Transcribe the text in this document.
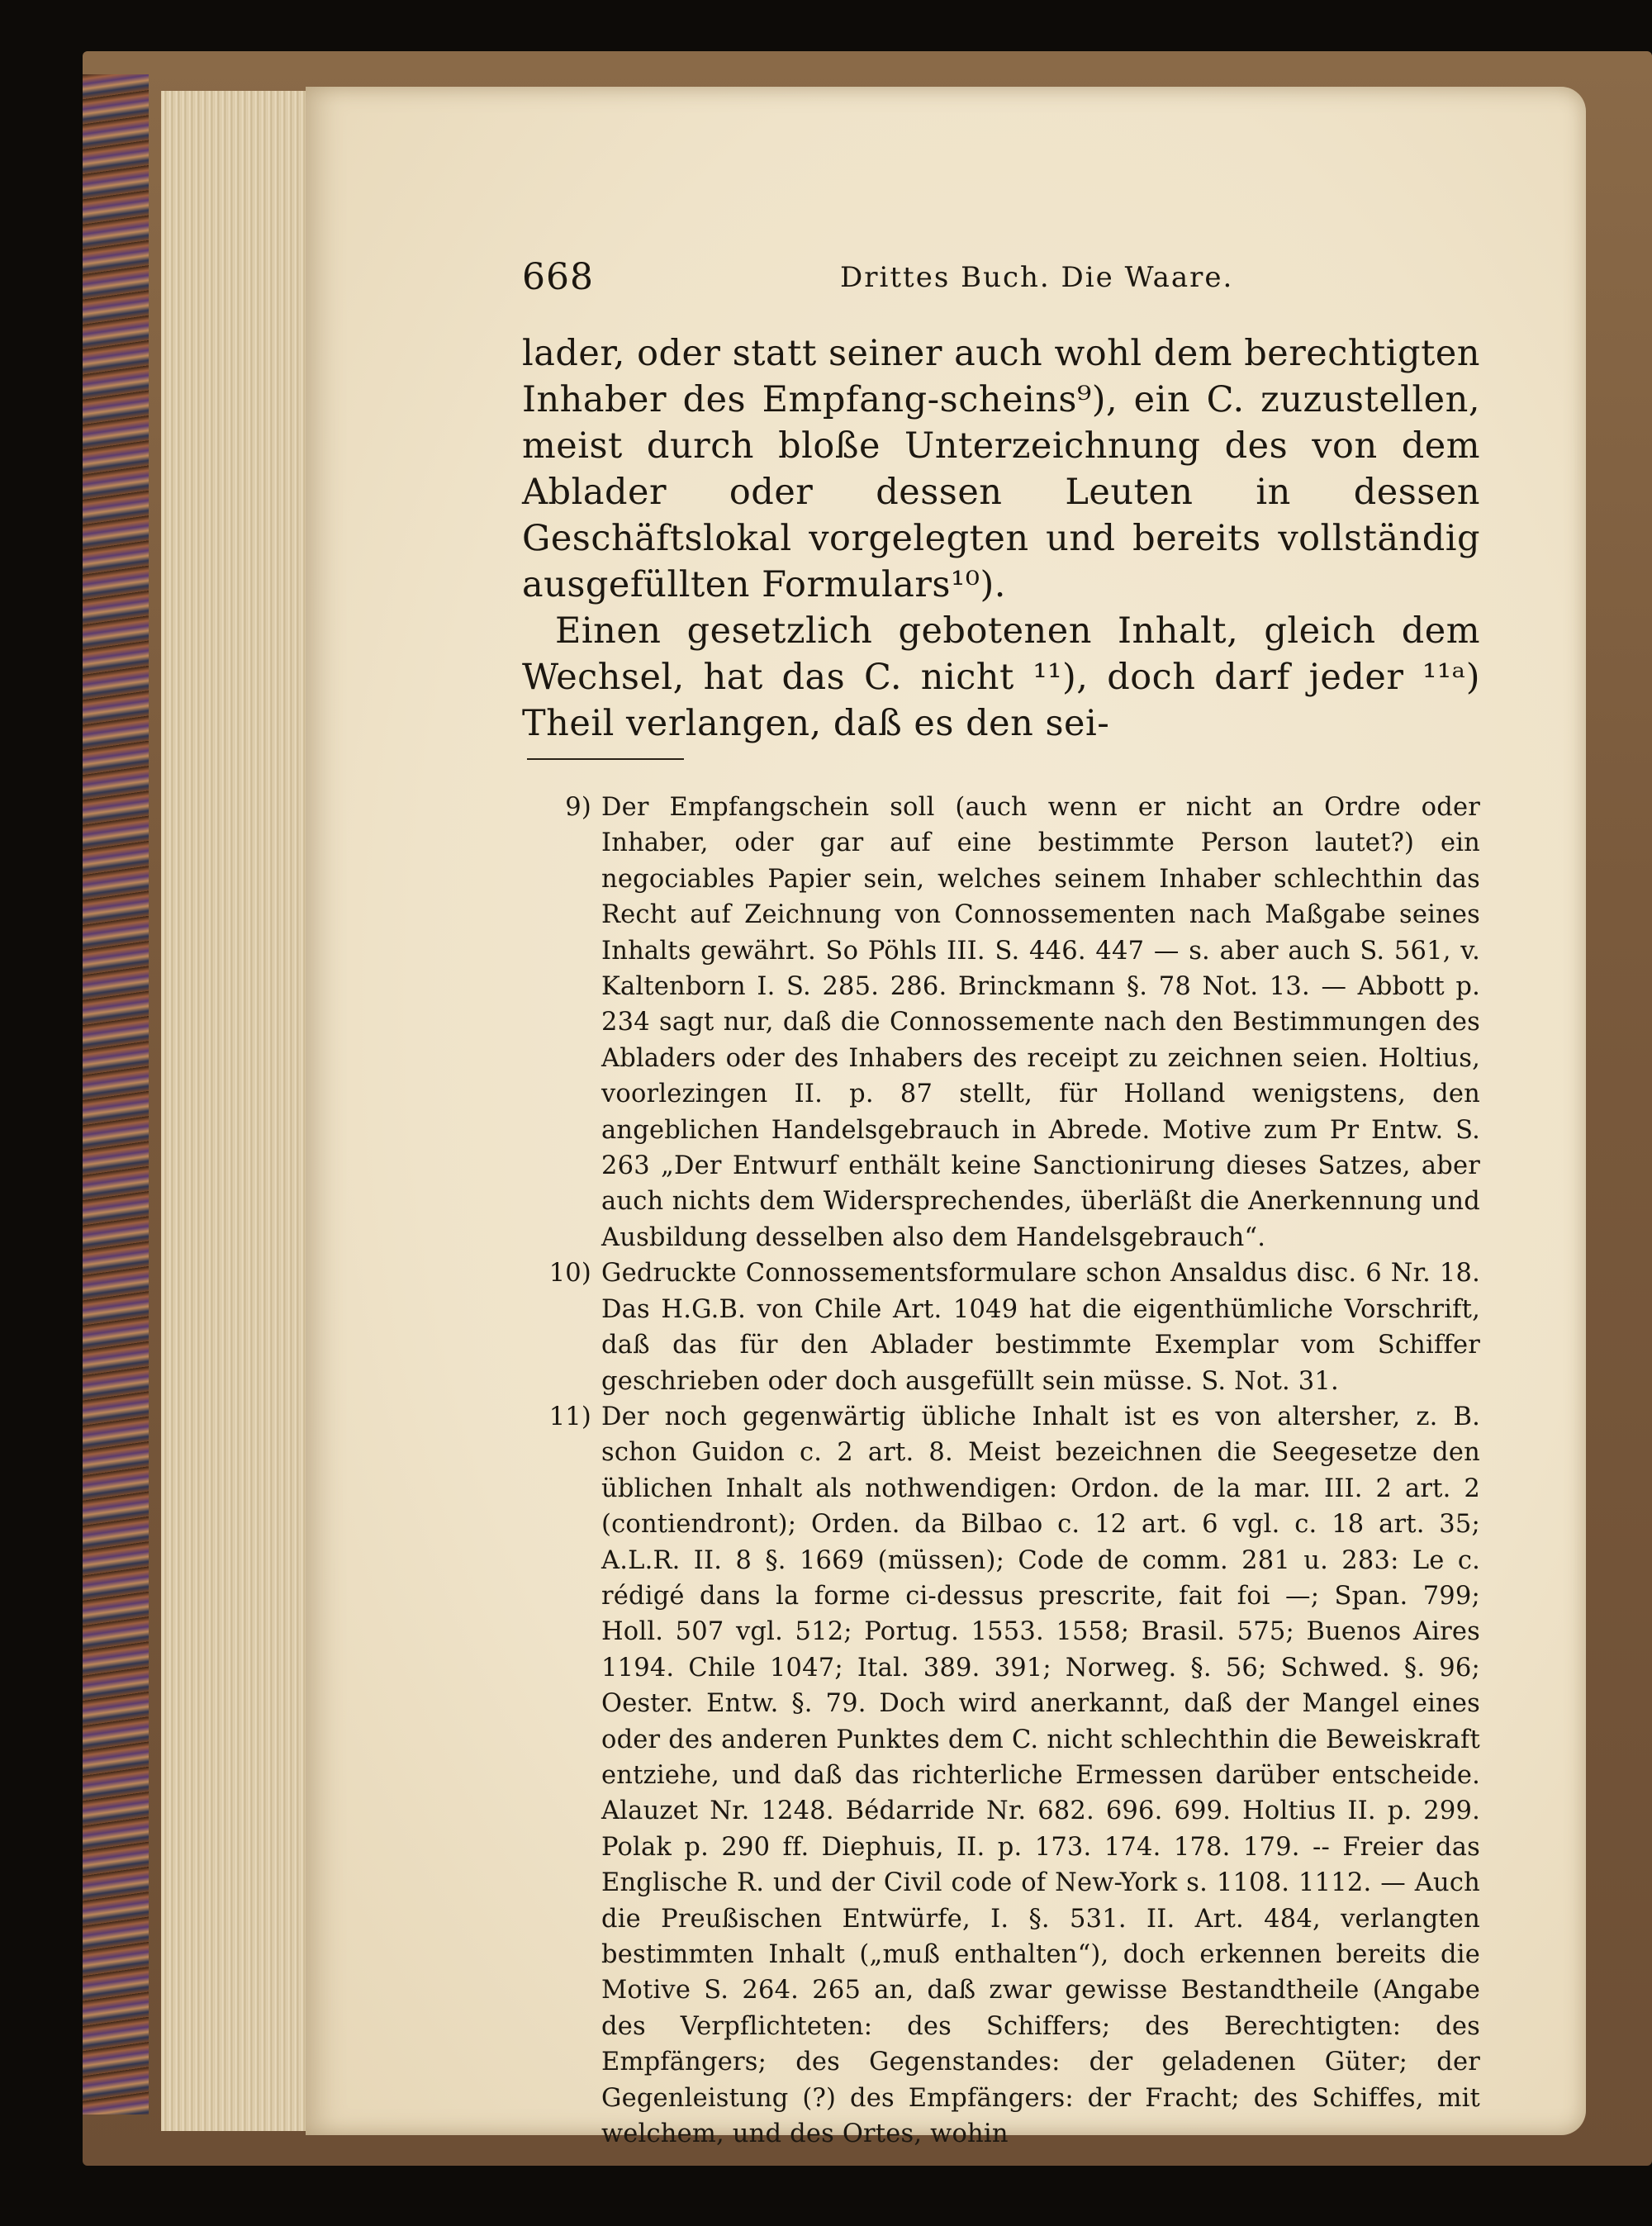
668	Drittes Buch. Die Waare.

lader, oder statt seiner auch wohl dem berechtigten Inhaber des Empfang-scheins⁹), ein C. zuzustellen, meist durch bloße Unterzeichnung des von dem Ablader oder dessen Leuten in dessen Geschäftslokal vorgelegten und bereits vollständig ausgefüllten Formulars¹⁰).

Einen gesetzlich gebotenen Inhalt, gleich dem Wechsel, hat das C. nicht ¹¹), doch darf jeder ¹¹ᵃ) Theil verlangen, daß es den sei-

9) Der Empfangschein soll (auch wenn er nicht an Ordre oder Inhaber, oder gar auf eine bestimmte Person lautet?) ein negociables Papier sein, welches seinem Inhaber schlechthin das Recht auf Zeichnung von Connossementen nach Maßgabe seines Inhalts gewährt. So Pöhls III. S. 446. 447 — s. aber auch S. 561, v. Kaltenborn I. S. 285. 286. Brinckmann §. 78 Not. 13. — Abbott p. 234 sagt nur, daß die Connossemente nach den Bestimmungen des Abladers oder des Inhabers des receipt zu zeichnen seien. Holtius, voorlezingen II. p. 87 stellt, für Holland wenigstens, den angeblichen Handelsgebrauch in Abrede. Motive zum Pr Entw. S. 263 „Der Entwurf enthält keine Sanctionirung dieses Satzes, aber auch nichts dem Widersprechendes, überläßt die Anerkennung und Ausbildung desselben also dem Handelsgebrauch“.

10) Gedruckte Connossementsformulare schon Ansaldus disc. 6 Nr. 18. Das H.G.B. von Chile Art. 1049 hat die eigenthümliche Vorschrift, daß das für den Ablader bestimmte Exemplar vom Schiffer geschrieben oder doch ausgefüllt sein müsse. S. Not. 31.

11) Der noch gegenwärtig übliche Inhalt ist es von altersher, z. B. schon Guidon c. 2 art. 8. Meist bezeichnen die Seegesetze den üblichen Inhalt als nothwendigen: Ordon. de la mar. III. 2 art. 2 (contiendront); Orden. da Bilbao c. 12 art. 6 vgl. c. 18 art. 35; A.L.R. II. 8 §. 1669 (müssen); Code de comm. 281 u. 283: Le c. rédigé dans la forme ci-dessus prescrite, fait foi —; Span. 799; Holl. 507 vgl. 512; Portug. 1553. 1558; Brasil. 575; Buenos Aires 1194. Chile 1047; Ital. 389. 391; Norweg. §. 56; Schwed. §. 96; Oester. Entw. §. 79. Doch wird anerkannt, daß der Mangel eines oder des anderen Punktes dem C. nicht schlechthin die Beweiskraft entziehe, und daß das richterliche Ermessen darüber entscheide. Alauzet Nr. 1248. Bédarride Nr. 682. 696. 699. Holtius II. p. 299. Polak p. 290 ff. Diephuis, II. p. 173. 174. 178. 179. -- Freier das Englische R. und der Civil code of New-York s. 1108. 1112. — Auch die Preußischen Entwürfe, I. §. 531. II. Art. 484, verlangten bestimmten Inhalt („muß enthalten“), doch erkennen bereits die Motive S. 264. 265 an, daß zwar gewisse Bestandtheile (Angabe des Verpflichteten: des Schiffers; des Berechtigten: des Empfängers; des Gegenstandes: der geladenen Güter; der Gegenleistung (?) des Empfängers: der Fracht; des Schiffes, mit welchem, und des Ortes, wohin
